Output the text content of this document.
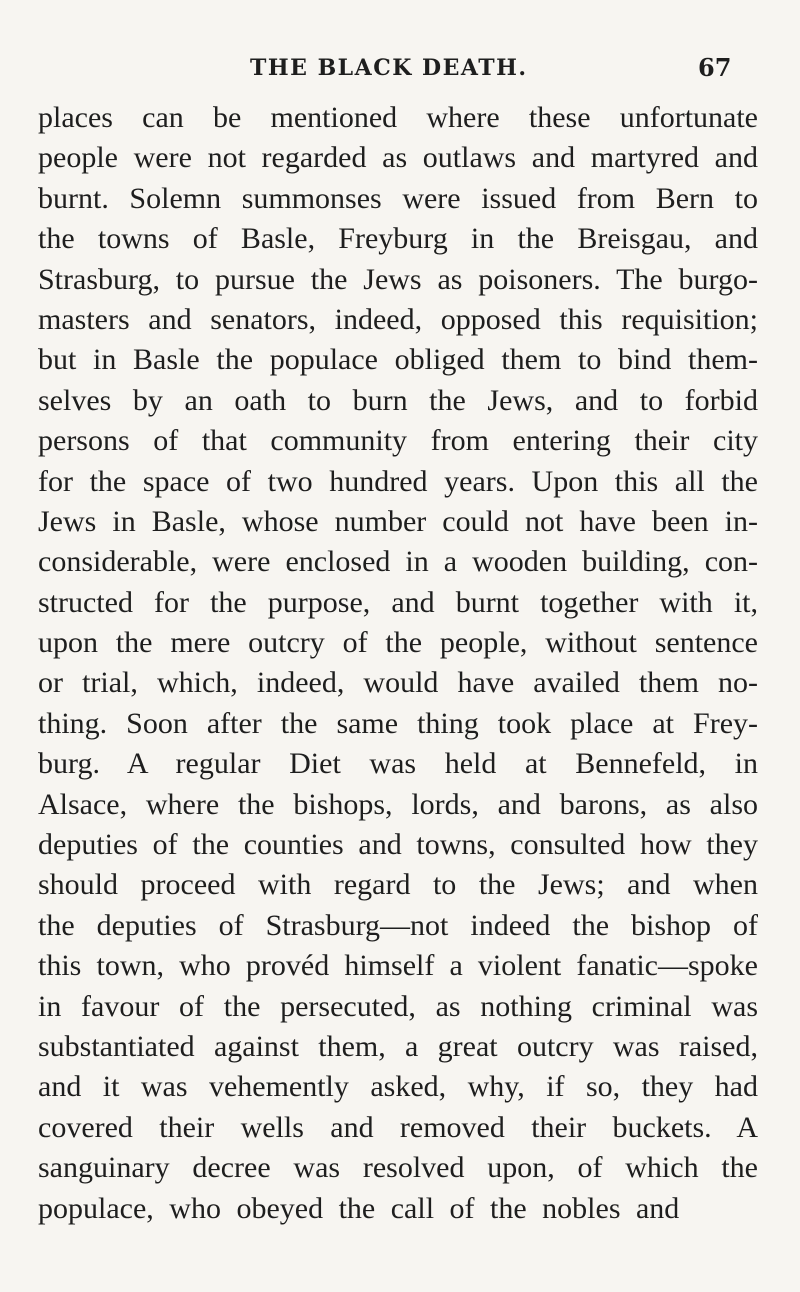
THE BLACK DEATH.	67
places can be mentioned where these unfortunate
people were not regarded as outlaws and martyred and
burnt. Solemn summonses were issued from Bern to
the towns of Basle, Freyburg in the Breisgau, and
Strasburg, to pursue the Jews as poisoners. The burgo-
masters and senators, indeed, opposed this requisition;
but in Basle the populace obliged them to bind them-
selves by an oath to burn the Jews, and to forbid
persons of that community from entering their city
for the space of two hundred years. Upon this all the
Jews in Basle, whose number could not have been in-
considerable, were enclosed in a wooden building, con-
structed for the purpose, and burnt together with it,
upon the mere outcry of the people, without sentence
or trial, which, indeed, would have availed them no-
thing. Soon after the same thing took place at Frey-
burg. A regular Diet was held at Bennefeld, in
Alsace, where the bishops, lords, and barons, as also
deputies of the counties and towns, consulted how they
should proceed with regard to the Jews; and when
the deputies of Strasburg—not indeed the bishop of
this town, who provéd himself a violent fanatic—spoke
in favour of the persecuted, as nothing criminal was
substantiated against them, a great outcry was raised,
and it was vehemently asked, why, if so, they had
covered their wells and removed their buckets. A
sanguinary decree was resolved upon, of which the
populace, who obeyed the call of the nobles and
